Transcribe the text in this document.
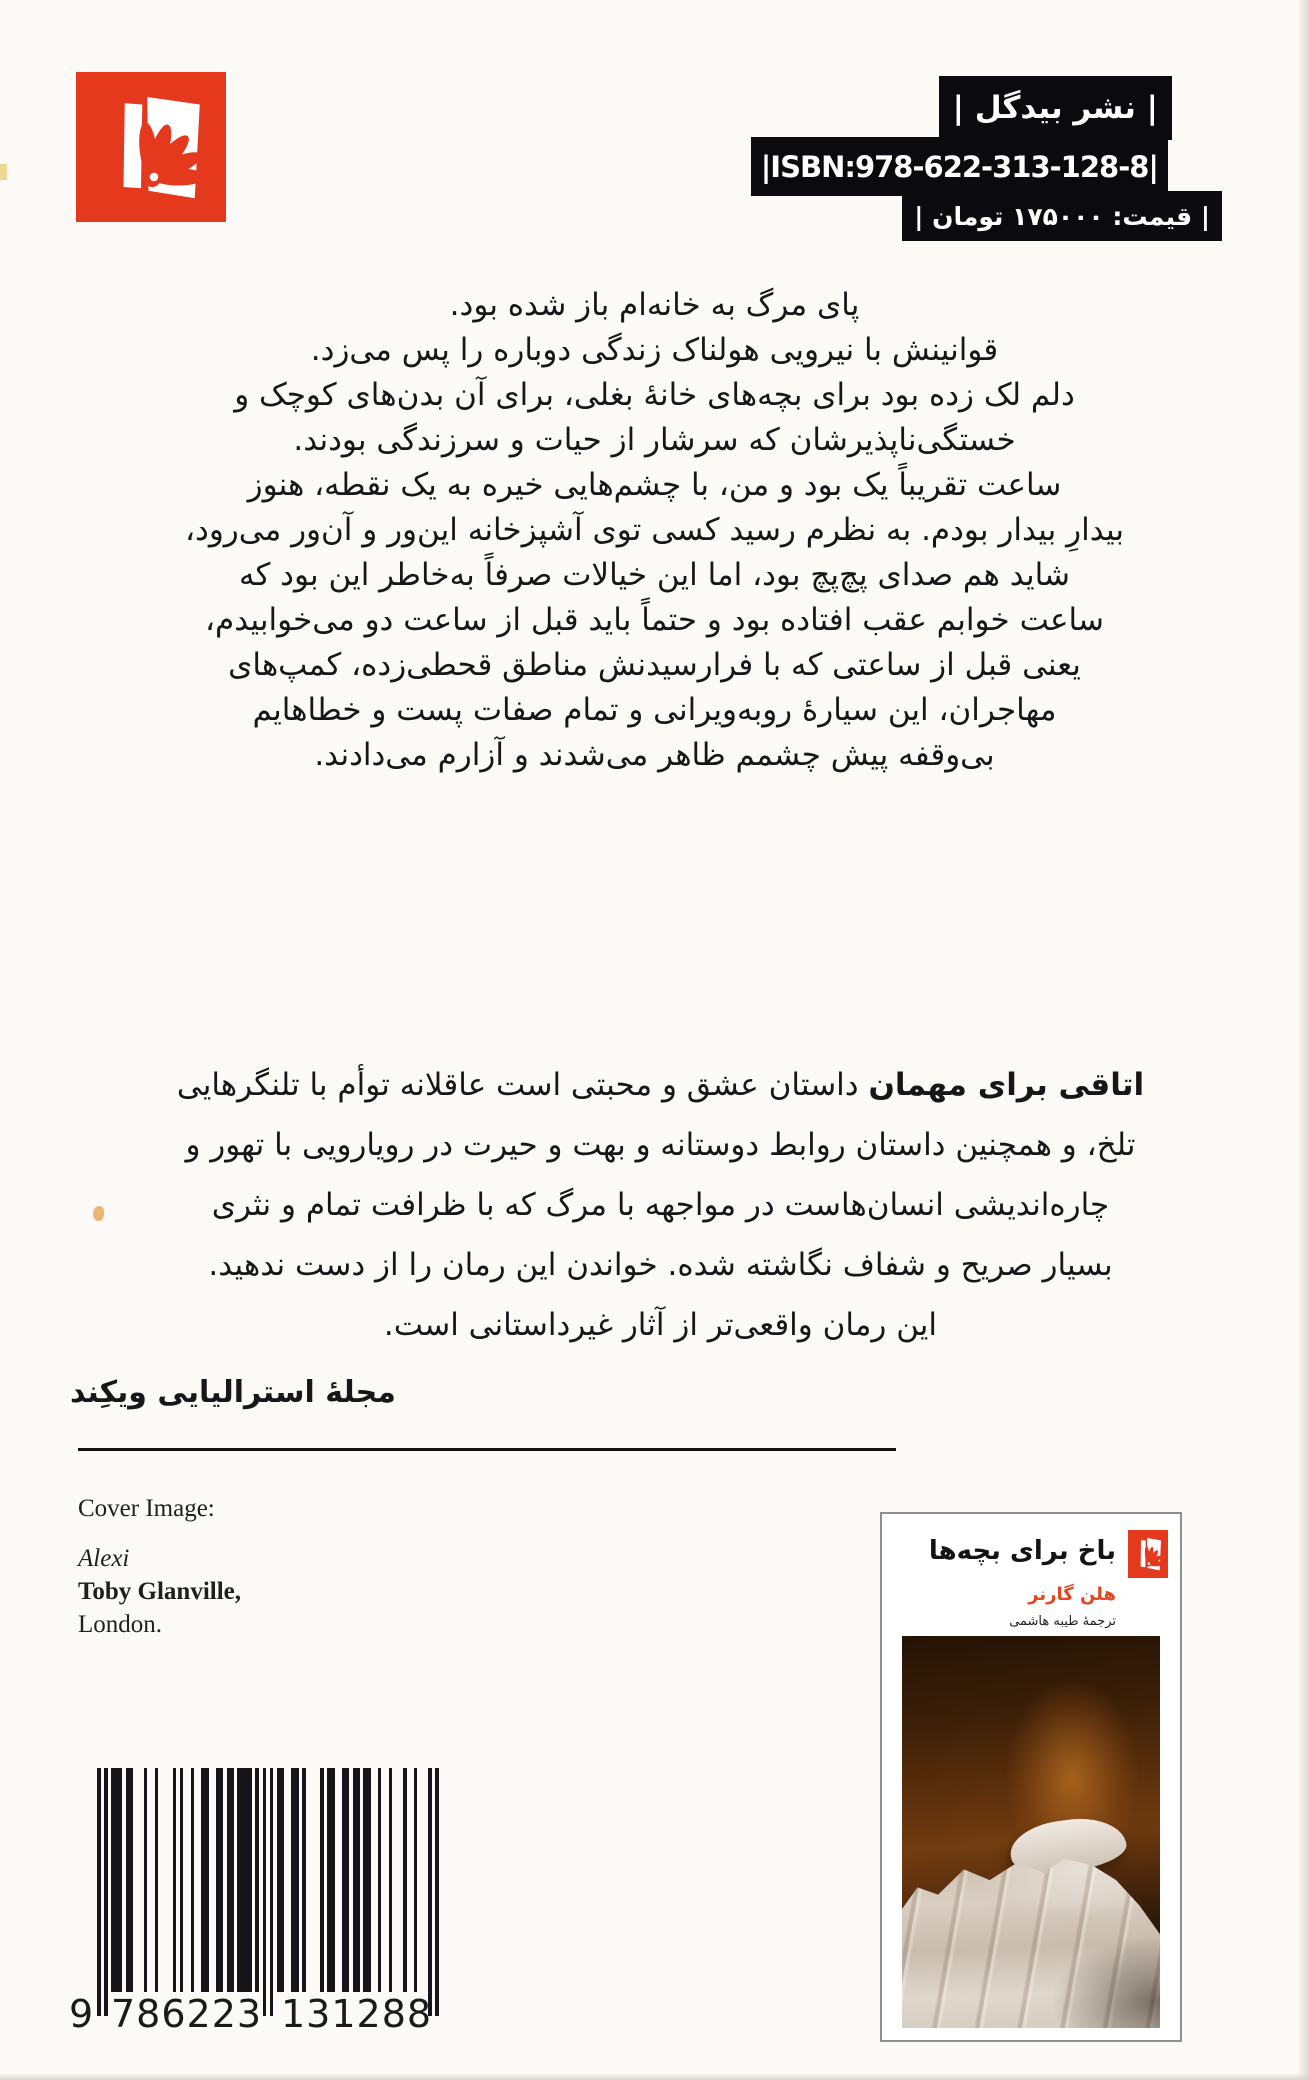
| نشر بیدگل |
|ISBN:978-622-313-128-8|
| قیمت: ۱۷۵۰۰۰ تومان |
پای مرگ به خانه‌ام باز شده بود.
قوانینش با نیرویی هولناک زندگی دوباره را پس می‌زد.
دلم لک زده بود برای بچه‌های خانۀ بغلی، برای آن بدن‌های کوچک و
خستگی‌ناپذیرشان که سرشار از حیات و سرزندگی بودند.
ساعت تقریباً یک بود و من، با چشم‌هایی خیره به یک نقطه، هنوز
بیدارِ بیدار بودم. به نظرم رسید کسی توی آشپزخانه این‌ور و آن‌ور می‌رود،
شاید هم صدای پچ‌پچ بود، اما این خیالات صرفاً به‌خاطر این بود که
ساعت خوابم عقب افتاده بود و حتماً باید قبل از ساعت دو می‌خوابیدم،
یعنی قبل از ساعتی که با فرارسیدنش مناطق قحطی‌زده، کمپ‌های
مهاجران، این سیارۀ روبه‌ویرانی و تمام صفات پست و خطاهایم
بی‌وقفه پیش چشمم ظاهر می‌شدند و آزارم می‌دادند.
اتاقی برای مهمان داستان عشق و محبتی است عاقلانه توأم با تلنگرهایی
تلخ، و همچنین داستان روابط دوستانه و بهت و حیرت در رویارویی با تهور و
چاره‌اندیشی انسان‌هاست در مواجهه با مرگ که با ظرافت تمام و نثری
بسیار صریح و شفاف نگاشته شده. خواندن این رمان را از دست ندهید.
این رمان واقعی‌تر از آثار غیرداستانی است.
مجلۀ استرالیایی ویکِند
Cover Image:
Alexi
Toby Glanville,
London.
باخ برای بچه‌ها
هلن گارنر
ترجمۀ طیبه هاشمی
9 786223 131288
